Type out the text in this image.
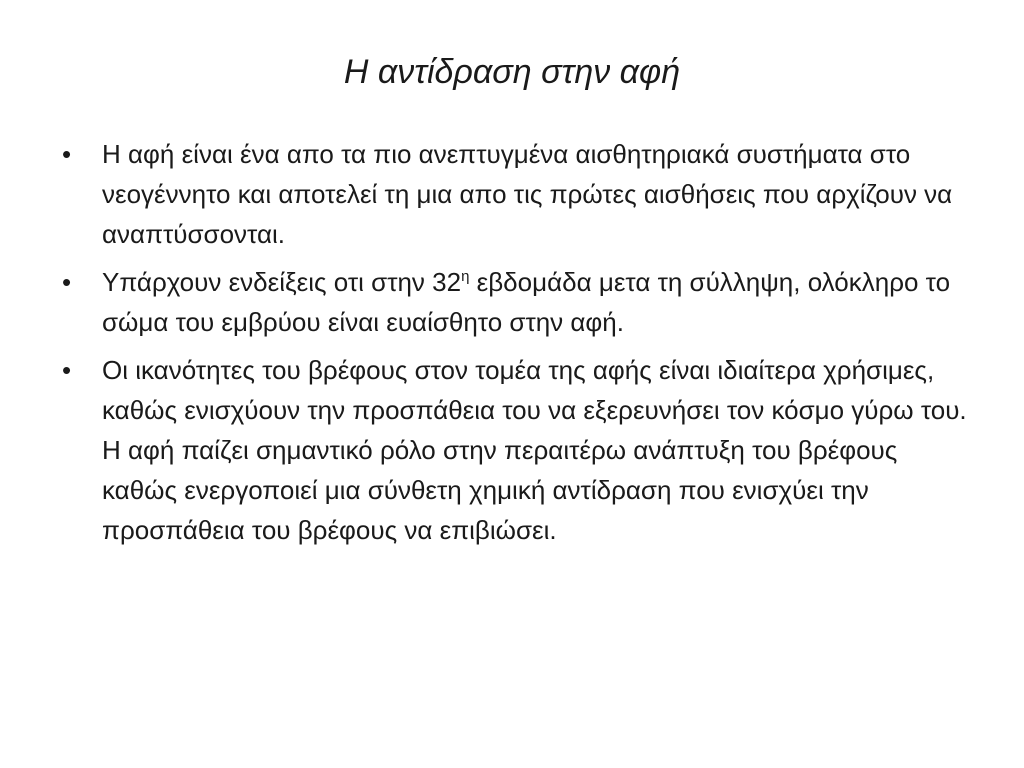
Η αντίδραση στην αφή
•	Η αφή είναι ένα απο τα πιο ανεπτυγμένα αισθητηριακά συστήματα στο νεογέννητο και αποτελεί τη μια απο τις πρώτες αισθήσεις που αρχίζουν να αναπτύσσονται.
•	Υπάρχουν ενδείξεις οτι στην $32^\eta$ εβδομάδα μετα τη σύλληψη, ολόκληρο το σώμα του εμβρύου είναι ευαίσθητο στην αφή.
•	Οι ικανότητες του βρέφους στον τομέα της αφής είναι ιδιαίτερα χρήσιμες, καθώς ενισχύουν την προσπάθεια του να εξερευνήσει τον κόσμο γύρω του. Η αφή παίζει σημαντικό ρόλο στην περαιτέρω ανάπτυξη του βρέφους καθώς ενεργοποιεί μια σύνθετη χημική αντίδραση που ενισχύει την προσπάθεια του βρέφους να επιβιώσει.
